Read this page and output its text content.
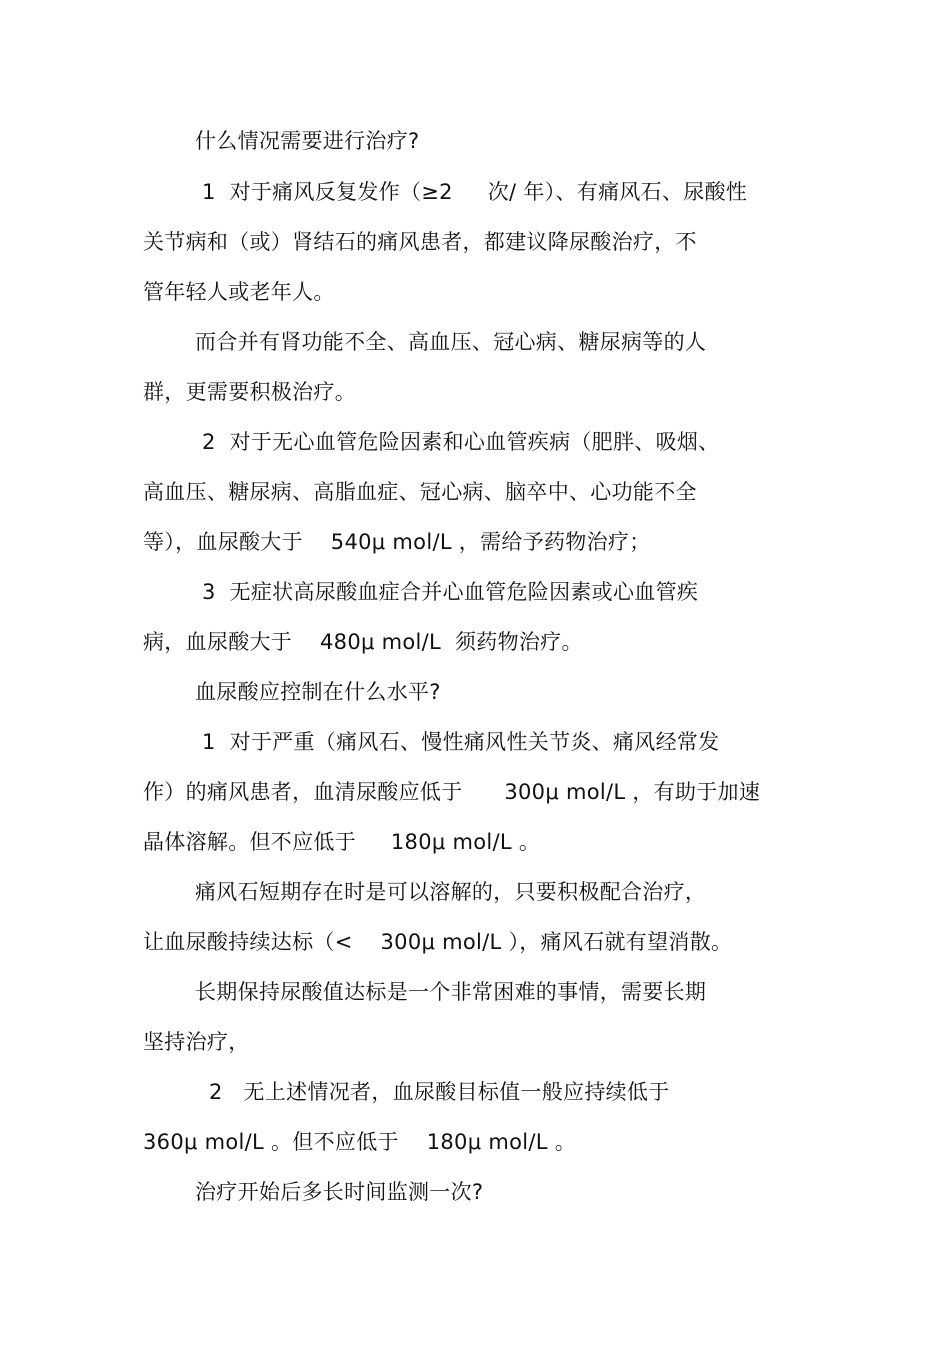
什么情况需要进行治疗?
1  对于痛风反复发作（≥2     次/ 年）、有痛风石、尿酸性
关节病和（或）肾结石的痛风患者，都建议降尿酸治疗，不
管年轻人或老年人。
而合并有肾功能不全、高血压、冠心病、糖尿病等的人
群，更需要积极治疗。
2  对于无心血管危险因素和心血管疾病（肥胖、吸烟、
高血压、糖尿病、高脂血症、冠心病、脑卒中、心功能不全
等），血尿酸大于    540μ mol/L ，需给予药物治疗；
3  无症状高尿酸血症合并心血管危险因素或心血管疾
病，血尿酸大于    480μ mol/L  须药物治疗。
血尿酸应控制在什么水平?
1  对于严重（痛风石、慢性痛风性关节炎、痛风经常发
作）的痛风患者，血清尿酸应低于      300μ mol/L ，有助于加速
晶体溶解。但不应低于     180μ mol/L 。
痛风石短期存在时是可以溶解的，只要积极配合治疗，
让血尿酸持续达标（<    300μ mol/L ），痛风石就有望消散。
长期保持尿酸值达标是一个非常困难的事情，需要长期
坚持治疗，
2   无上述情况者，血尿酸目标值一般应持续低于
360μ mol/L 。但不应低于    180μ mol/L 。
治疗开始后多长时间监测一次?
